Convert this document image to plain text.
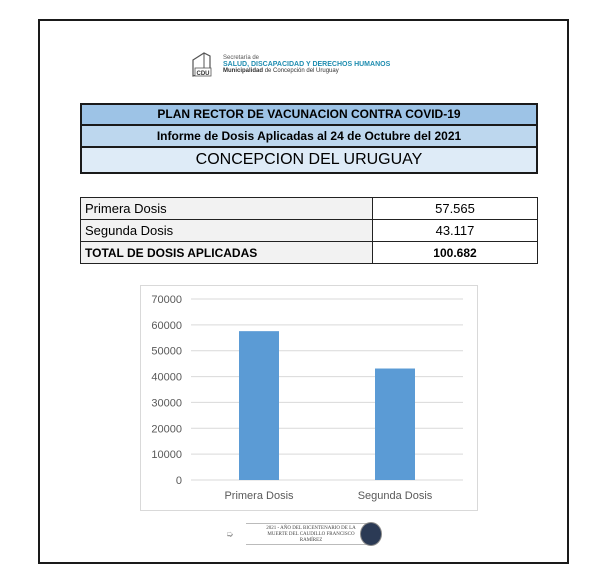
CDU
Secretaría de
SALUD, DISCAPACIDAD Y DERECHOS HUMANOS
Municipalidad de Concepción del Uruguay
PLAN RECTOR DE VACUNACION CONTRA COVID-19
Informe de Dosis Aplicadas al 24 de Octubre del 2021
CONCEPCION DEL URUGUAY
Primera Dosis	57.565
Segunda Dosis	43.117
TOTAL DE DOSIS APLICADAS	100.682
0
10000
20000
30000
40000
50000
60000
70000
Primera Dosis	Segunda Dosis
➭
2021 - AÑO DEL BICENTENARIO DE LA MUERTE DEL CAUDILLO FRANCISCO RAMÍREZ
